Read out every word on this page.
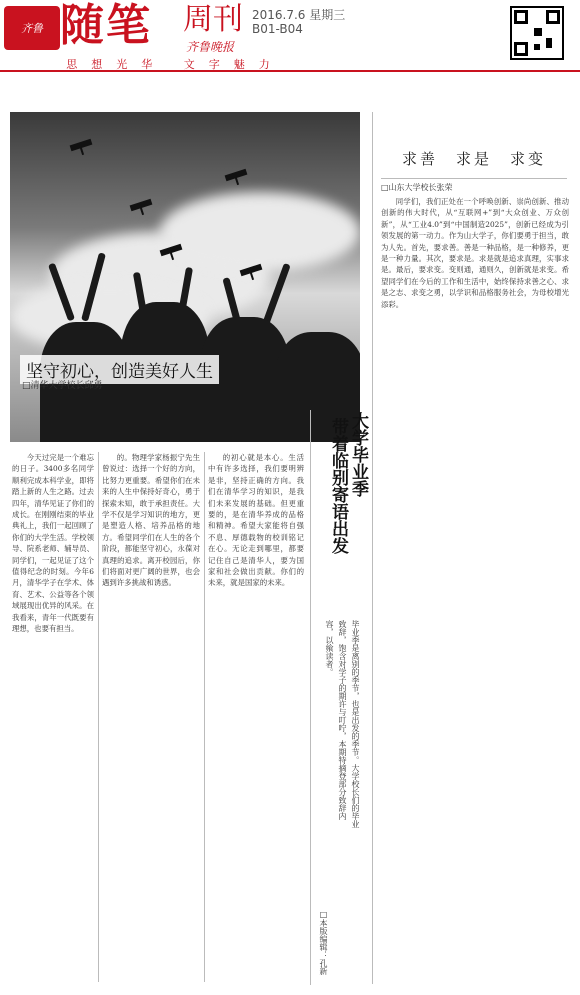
齐鲁 随笔 周刊
齐鲁晚报
2016.7.6 星期三
B01-B04
思想光华 文字魅力
坚守初心，创造美好人生
□清华大学校长邱勇

今天过完是一个难忘的日子。3400多名同学顺利完成本科学业，即将踏上新的人生之路。过去四年，清华见证了你们的成长。在刚刚结束的毕业典礼上，我们一起回顾了你们的大学生活。学校领导、院系老师、辅导员、同学们，一起见证了这个值得纪念的时刻。今年6月，清华学子在学术、体育、艺术、公益等各个领域展现出优异的风采。在我看来，青年一代既要有理想，也要有担当。

的。物理学家杨振宁先生曾说过：选择一个好的方向，比努力更重要。希望你们在未来的人生中保持好奇心，勇于探索未知，敢于承担责任。大学不仅是学习知识的地方，更是塑造人格、培养品格的地方。希望同学们在人生的各个阶段，都能坚守初心，永葆对真理的追求。离开校园后，你们将面对更广阔的世界，也会遇到许多挑战和诱惑。

的初心就是本心。生活中有许多选择，我们要明辨是非，坚持正确的方向。我们在清华学习的知识，是我们未来发展的基础。但更重要的，是在清华养成的品格和精神。希望大家能将自强不息、厚德载物的校训铭记在心。无论走到哪里，都要记住自己是清华人，要为国家和社会做出贡献。你们的未来，就是国家的未来。

带着临别寄语出发 大学毕业季
毕业季是离别的季节，也是出发的季节。大学校长们的毕业致辞，饱含对学子的期许与叮咛，本期特摘登部分致辞内容，以飨读者。
□本版编辑：孔新
求善　求是　求变
□山东大学校长张荣

同学们，我们正处在一个呼唤创新、崇尚创新、推动创新的伟大时代，从“互联网+”到“大众创业、万众创新”，从“工业4.0”到“中国制造2025”，创新已经成为引领发展的第一动力。作为山大学子，你们要勇于担当，敢为人先。首先，要求善。善是一种品格，是一种修养，更是一种力量。其次，要求是。求是就是追求真理，实事求是。最后，要求变。变则通，通则久，创新就是求变。希望同学们在今后的工作和生活中，始终保持求善之心、求是之志、求变之勇，以学识和品格服务社会，为母校增光添彩。
